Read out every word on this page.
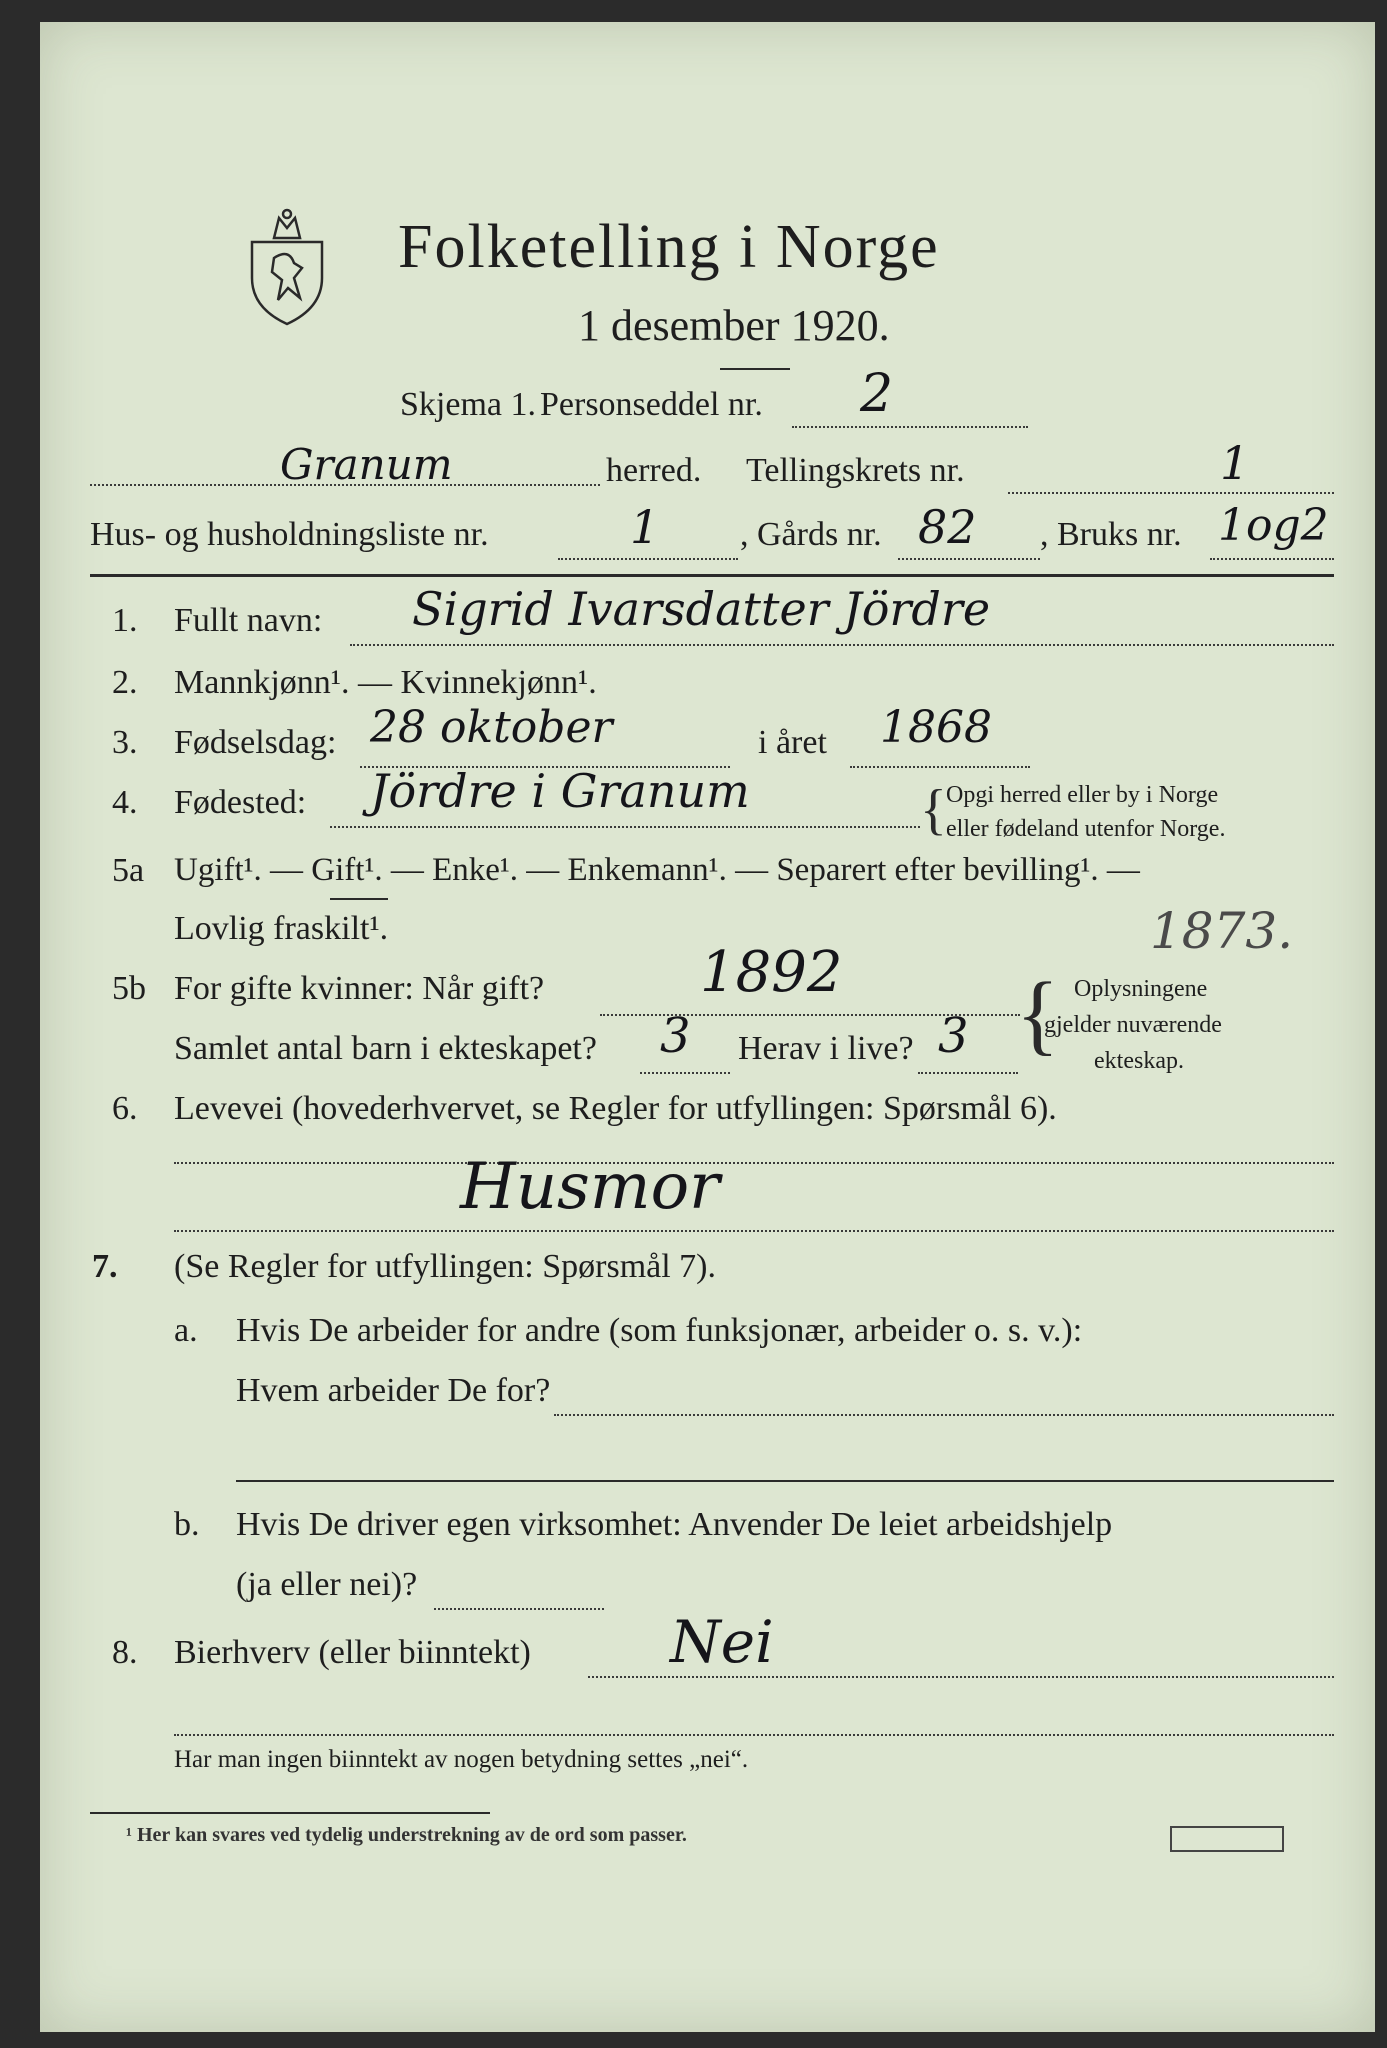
Folketelling i Norge
1 desember 1920.
Skjema 1. Personseddel nr. 2
Granum	herred. Tellingskrets nr.	1
Hus- og husholdningsliste nr.	1 , Gårds nr. 82 , Bruks nr. 1og2
1. Fullt navn: Sigrid Ivarsdatter Jördre
2. Mannkjønn¹. — Kvinnekjønn¹.
3. Fødselsdag: 28 oktober	i året 1868
4. Fødested: Jördre i Granum	{ Opgi herred eller by i Norge
eller fødeland utenfor Norge.
5a Ugift¹. — Gift¹. — Enke¹. — Enkemann¹. — Separert efter bevilling¹. —
Lovlig fraskilt¹.	1873.
5b For gifte kvinner: Når gift?	1892
Samlet antal barn i ekteskapet? 3 Herav i live? 3 { Oplysningene
gjelder nuværende
ekteskap.
6. Levevei (hovederhvervet, se Regler for utfyllingen: Spørsmål 6).
Husmor
7. (Se Regler for utfyllingen: Spørsmål 7).
a. Hvis De arbeider for andre (som funksjonær, arbeider o. s. v.):
Hvem arbeider De for?
b. Hvis De driver egen virksomhet: Anvender De leiet arbeidshjelp
(ja eller nei)?
8. Bierhverv (eller biinntekt) Nei
Har man ingen biinntekt av nogen betydning settes „nei“.
¹ Her kan svares ved tydelig understrekning av de ord som passer.
